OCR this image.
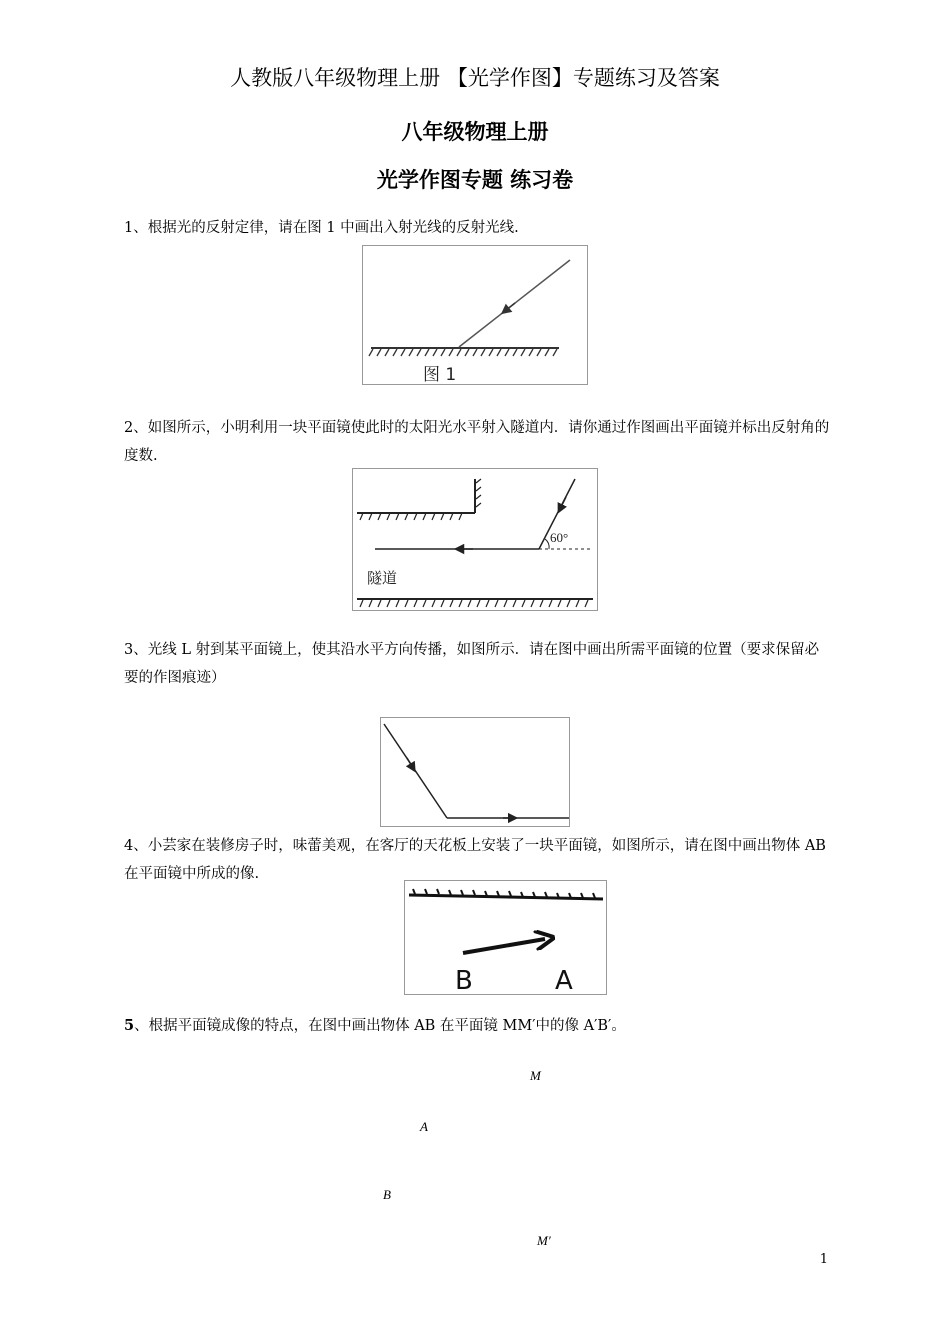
人教版八年级物理上册 【光学作图】专题练习及答案
八年级物理上册
光学作图专题 练习卷
1、根据光的反射定律，请在图 1 中画出入射光线的反射光线.
图 1
2、如图所示，小明利用一块平面镜使此时的太阳光水平射入隧道内．请你通过作图画出平面镜并标出反射角的度数.
60°
隧道
3、光线 L 射到某平面镜上，使其沿水平方向传播，如图所示．请在图中画出所需平面镜的位置（要求保留必要的作图痕迹）
4、小芸家在装修房子时，味蕾美观，在客厅的天花板上安装了一块平面镜，如图所示，请在图中画出物体 AB 在平面镜中所成的像.
B	A
5、根据平面镜成像的特点，在图中画出物体 AB 在平面镜 MM′中的像 A′B′。
M
A
B
M′
1
